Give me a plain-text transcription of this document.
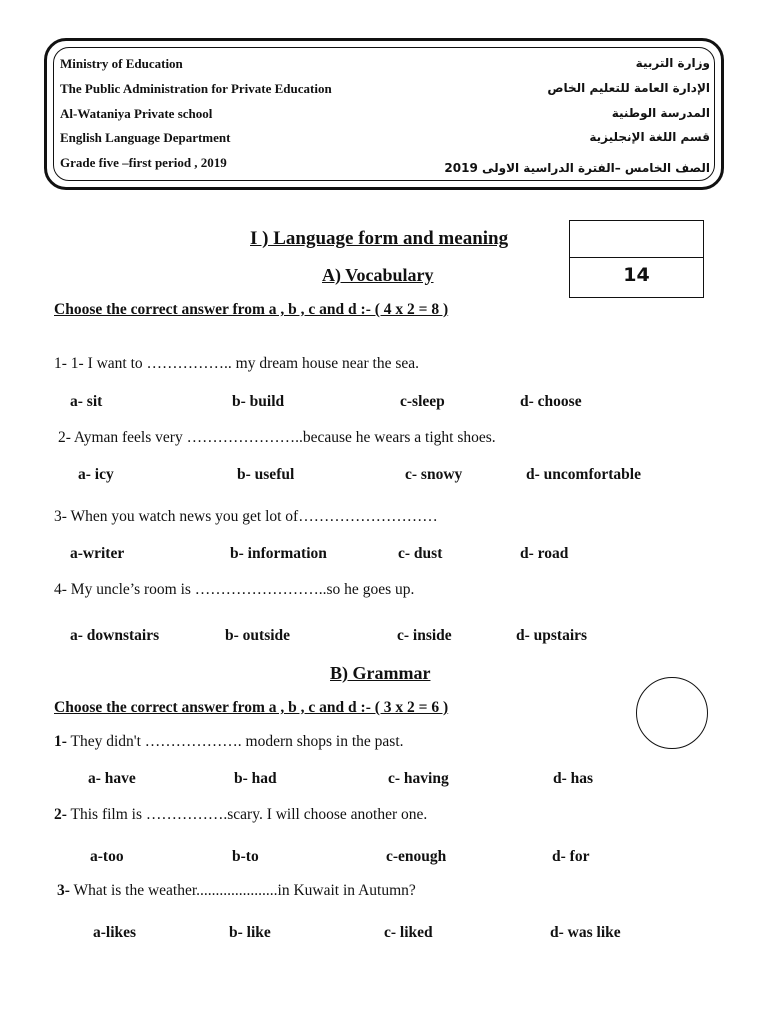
Ministry of Education
The Public Administration for Private Education
Al-Wataniya Private school
English Language Department
Grade five –first period , 2019
وزارة التربية
الإدارة العامة للتعليم الخاص
المدرسة الوطنية
قسم اللغة الإنجليزية
الصف الخامس –الفترة الدراسية الاولى 2019
14
I ) Language form and meaning
A) Vocabulary
Choose the correct answer from a , b , c and d :- ( 4 x 2 = 8 )
1- 1- I want to …………….. my dream house near the sea.
a- sit	b- build	c-sleep	d- choose
2- Ayman feels very …………………..because he wears a tight shoes.
a- icy	b- useful	c- snowy	d- uncomfortable
3- When you watch news you get lot of………………………
a-writer	b- information	c- dust	d- road
4- My uncle’s room is ……………………..so he goes up.
a- downstairs	b- outside	c- inside	d- upstairs
B) Grammar
Choose the correct answer from a , b , c and d :- ( 3 x 2 = 6 )
1- They didn't ………………. modern shops in the past.
a- have	b- had	c- having	d- has
2- This film is …………….scary. I will choose another one.
a-too	b-to	c-enough	d- for
3- What is the weather.....................in Kuwait in Autumn?
a-likes	b- like	c- liked	d- was like
